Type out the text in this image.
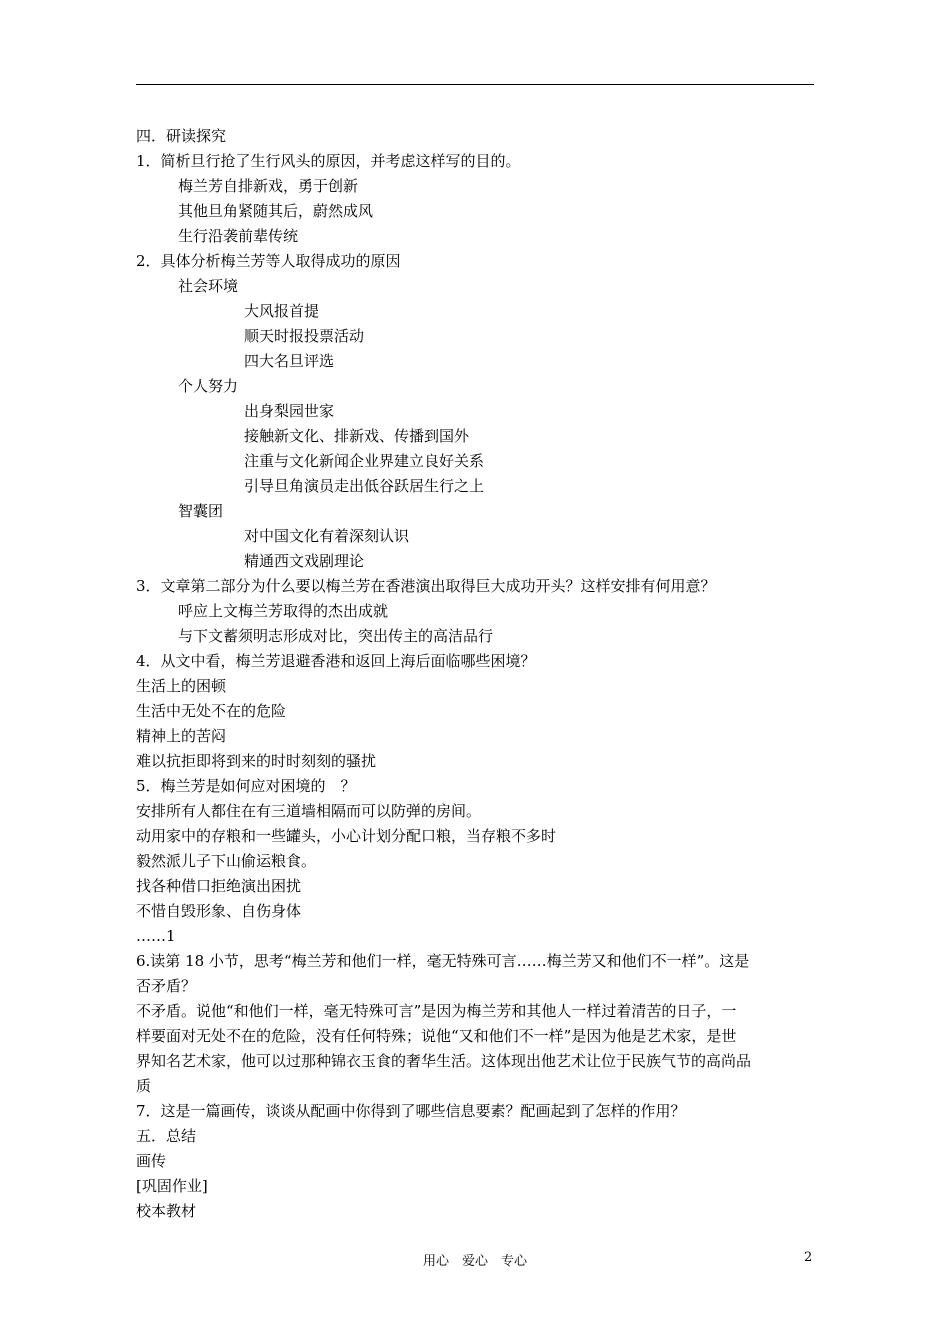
四．研读探究
1．简析旦行抢了生行风头的原因，并考虑这样写的目的。
梅兰芳自排新戏，勇于创新
其他旦角紧随其后，蔚然成风
生行沿袭前辈传统
2．具体分析梅兰芳等人取得成功的原因
社会环境
大风报首提
顺天时报投票活动
四大名旦评选
个人努力
出身梨园世家
接触新文化、排新戏、传播到国外
注重与文化新闻企业界建立良好关系
引导旦角演员走出低谷跃居生行之上
智囊团
对中国文化有着深刻认识
精通西文戏剧理论
3．文章第二部分为什么要以梅兰芳在香港演出取得巨大成功开头？这样安排有何用意？
呼应上文梅兰芳取得的杰出成就
与下文蓄须明志形成对比，突出传主的高洁品行
4．从文中看，梅兰芳退避香港和返回上海后面临哪些困境？
生活上的困顿
生活中无处不在的危险
精神上的苦闷
难以抗拒即将到来的时时刻刻的骚扰
5．梅兰芳是如何应对困境的　？
安排所有人都住在有三道墙相隔而可以防弹的房间。
动用家中的存粮和一些罐头，小心计划分配口粮，当存粮不多时
毅然派儿子下山偷运粮食。
找各种借口拒绝演出困扰
不惜自毁形象、自伤身体
……1
6.读第 18 小节，思考“梅兰芳和他们一样，毫无特殊可言……梅兰芳又和他们不一样”。这是
否矛盾？
不矛盾。说他“和他们一样，毫无特殊可言”是因为梅兰芳和其他人一样过着清苦的日子，一
样要面对无处不在的危险，没有任何特殊；说他“又和他们不一样”是因为他是艺术家，是世
界知名艺术家，他可以过那种锦衣玉食的奢华生活。这体现出他艺术让位于民族气节的高尚品
质
7．这是一篇画传，谈谈从配画中你得到了哪些信息要素？配画起到了怎样的作用？
五．总结
画传
[巩固作业]
校本教材
用心　爱心　专心	2
